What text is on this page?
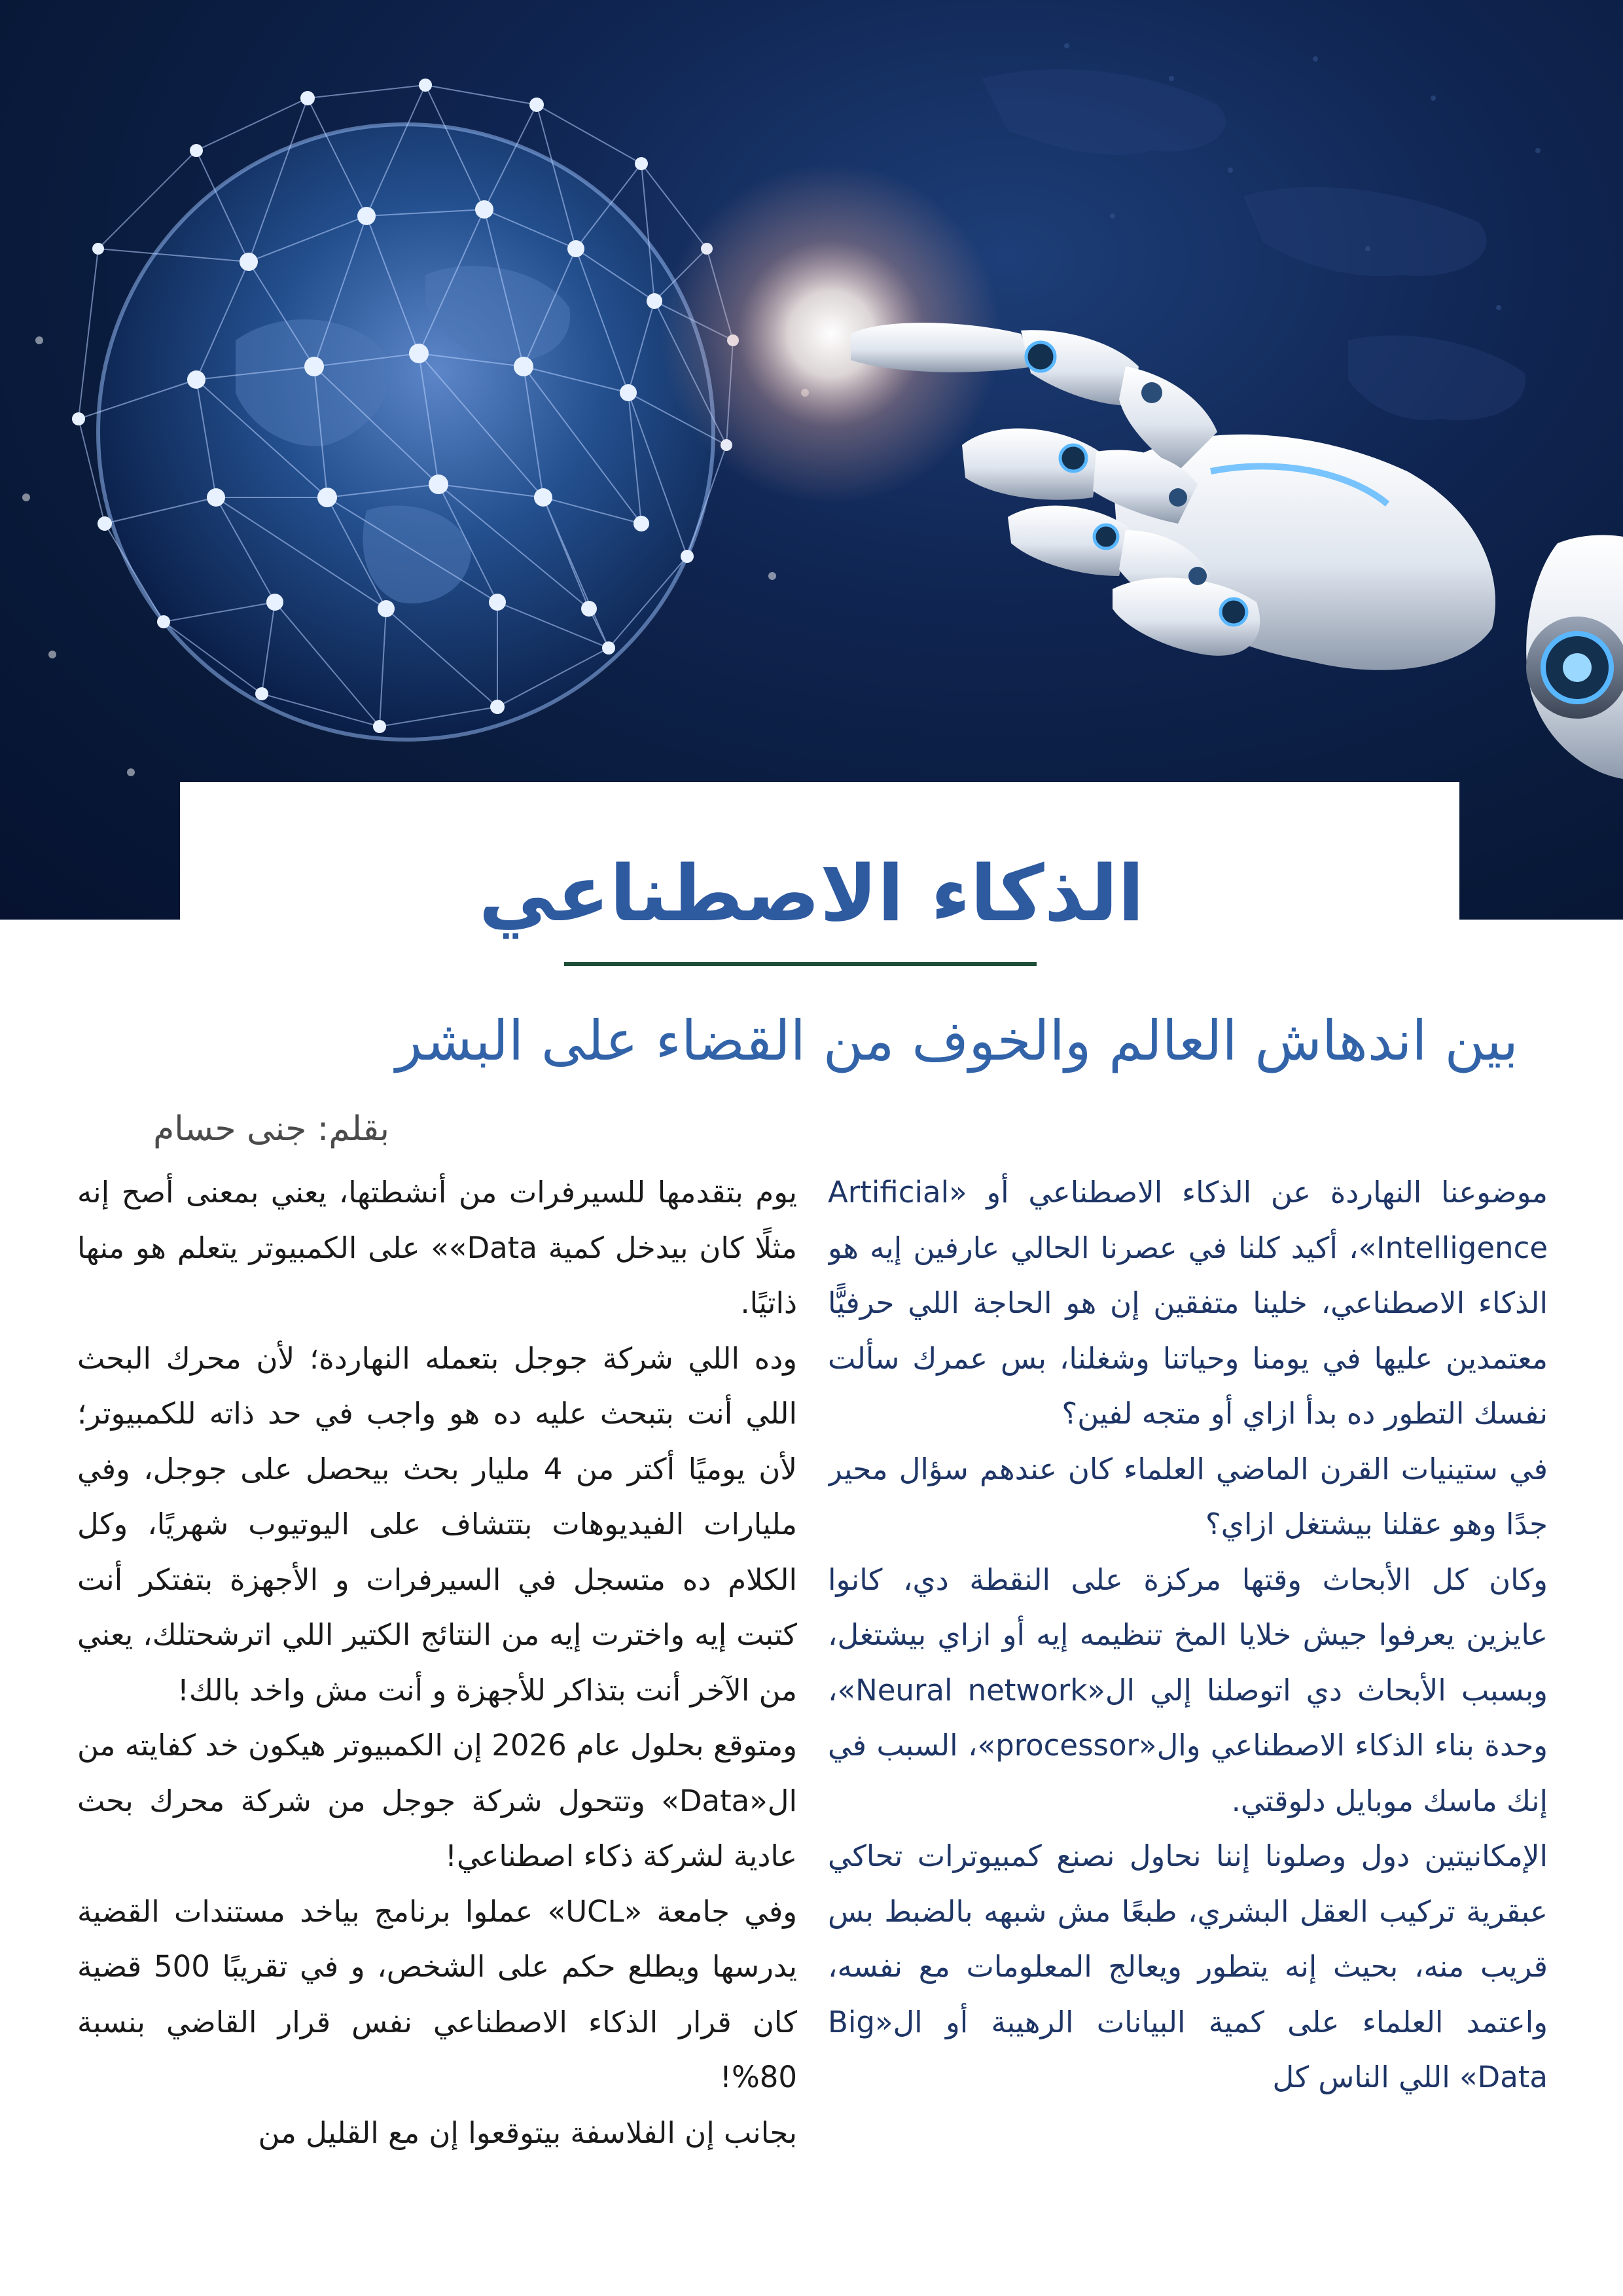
الذكاء الاصطناعي
بين اندهاش العالم والخوف من القضاء على البشر
بقلم: جنى حسام

موضوعنا النهاردة عن الذكاء الاصطناعي أو «Artificial Intelligence»، أكيد كلنا في عصرنا الحالي عارفين إيه هو الذكاء الاصطناعي، خلينا متفقين إن هو الحاجة اللي حرفيًّا معتمدين عليها في يومنا وحياتنا وشغلنا، بس عمرك سألت نفسك التطور ده بدأ ازاي أو متجه لفين؟

في ستينيات القرن الماضي العلماء كان عندهم سؤال محير جدًا وهو عقلنا بيشتغل ازاي؟

وكان كل الأبحاث وقتها مركزة على النقطة دي، كانوا عايزين يعرفوا جيش خلايا المخ تنظيمه إيه أو ازاي بيشتغل، وبسبب الأبحاث دي اتوصلنا إلي ال«Neural network»، وحدة بناء الذكاء الاصطناعي وال«processor»، السبب في إنك ماسك موبايل دلوقتي.

الإمكانيتين دول وصلونا إننا نحاول نصنع كمبيوترات تحاكي عبقرية تركيب العقل البشري، طبعًا مش شبهه بالضبط بس قريب منه، بحيث إنه يتطور ويعالج المعلومات مع نفسه، واعتمد العلماء على كمية البيانات الرهيبة أو ال«Big Data» اللي الناس كل

يوم بتقدمها للسيرفرات من أنشطتها، يعني بمعنى أصح إنه مثلًا كان بيدخل كمية Data»» على الكمبيوتر يتعلم هو منها ذاتيًا.

وده اللي شركة جوجل بتعمله النهاردة؛ لأن محرك البحث اللي أنت بتبحث عليه ده هو واجب في حد ذاته للكمبيوتر؛ لأن يوميًا أكتر من 4 مليار بحث بيحصل على جوجل، وفي مليارات الفيديوهات بتتشاف على اليوتيوب شهريًا، وكل الكلام ده متسجل في السيرفرات و الأجهزة بتفتكر أنت كتبت إيه واخترت إيه من النتائج الكتير اللي اترشحتلك، يعني من الآخر أنت بتذاكر للأجهزة و أنت مش واخد بالك!

ومتوقع بحلول عام 2026 إن الكمبيوتر هيكون خد كفايته من ال«Data» وتتحول شركة جوجل من شركة محرك بحث عادية لشركة ذكاء اصطناعي!

وفي جامعة «UCL» عملوا برنامج بياخد مستندات القضية يدرسها ويطلع حكم على الشخص، و في تقريبًا 500 قضية كان قرار الذكاء الاصطناعي نفس قرار القاضي بنسبة 80%!

بجانب إن الفلاسفة بيتوقعوا إن مع القليل من
